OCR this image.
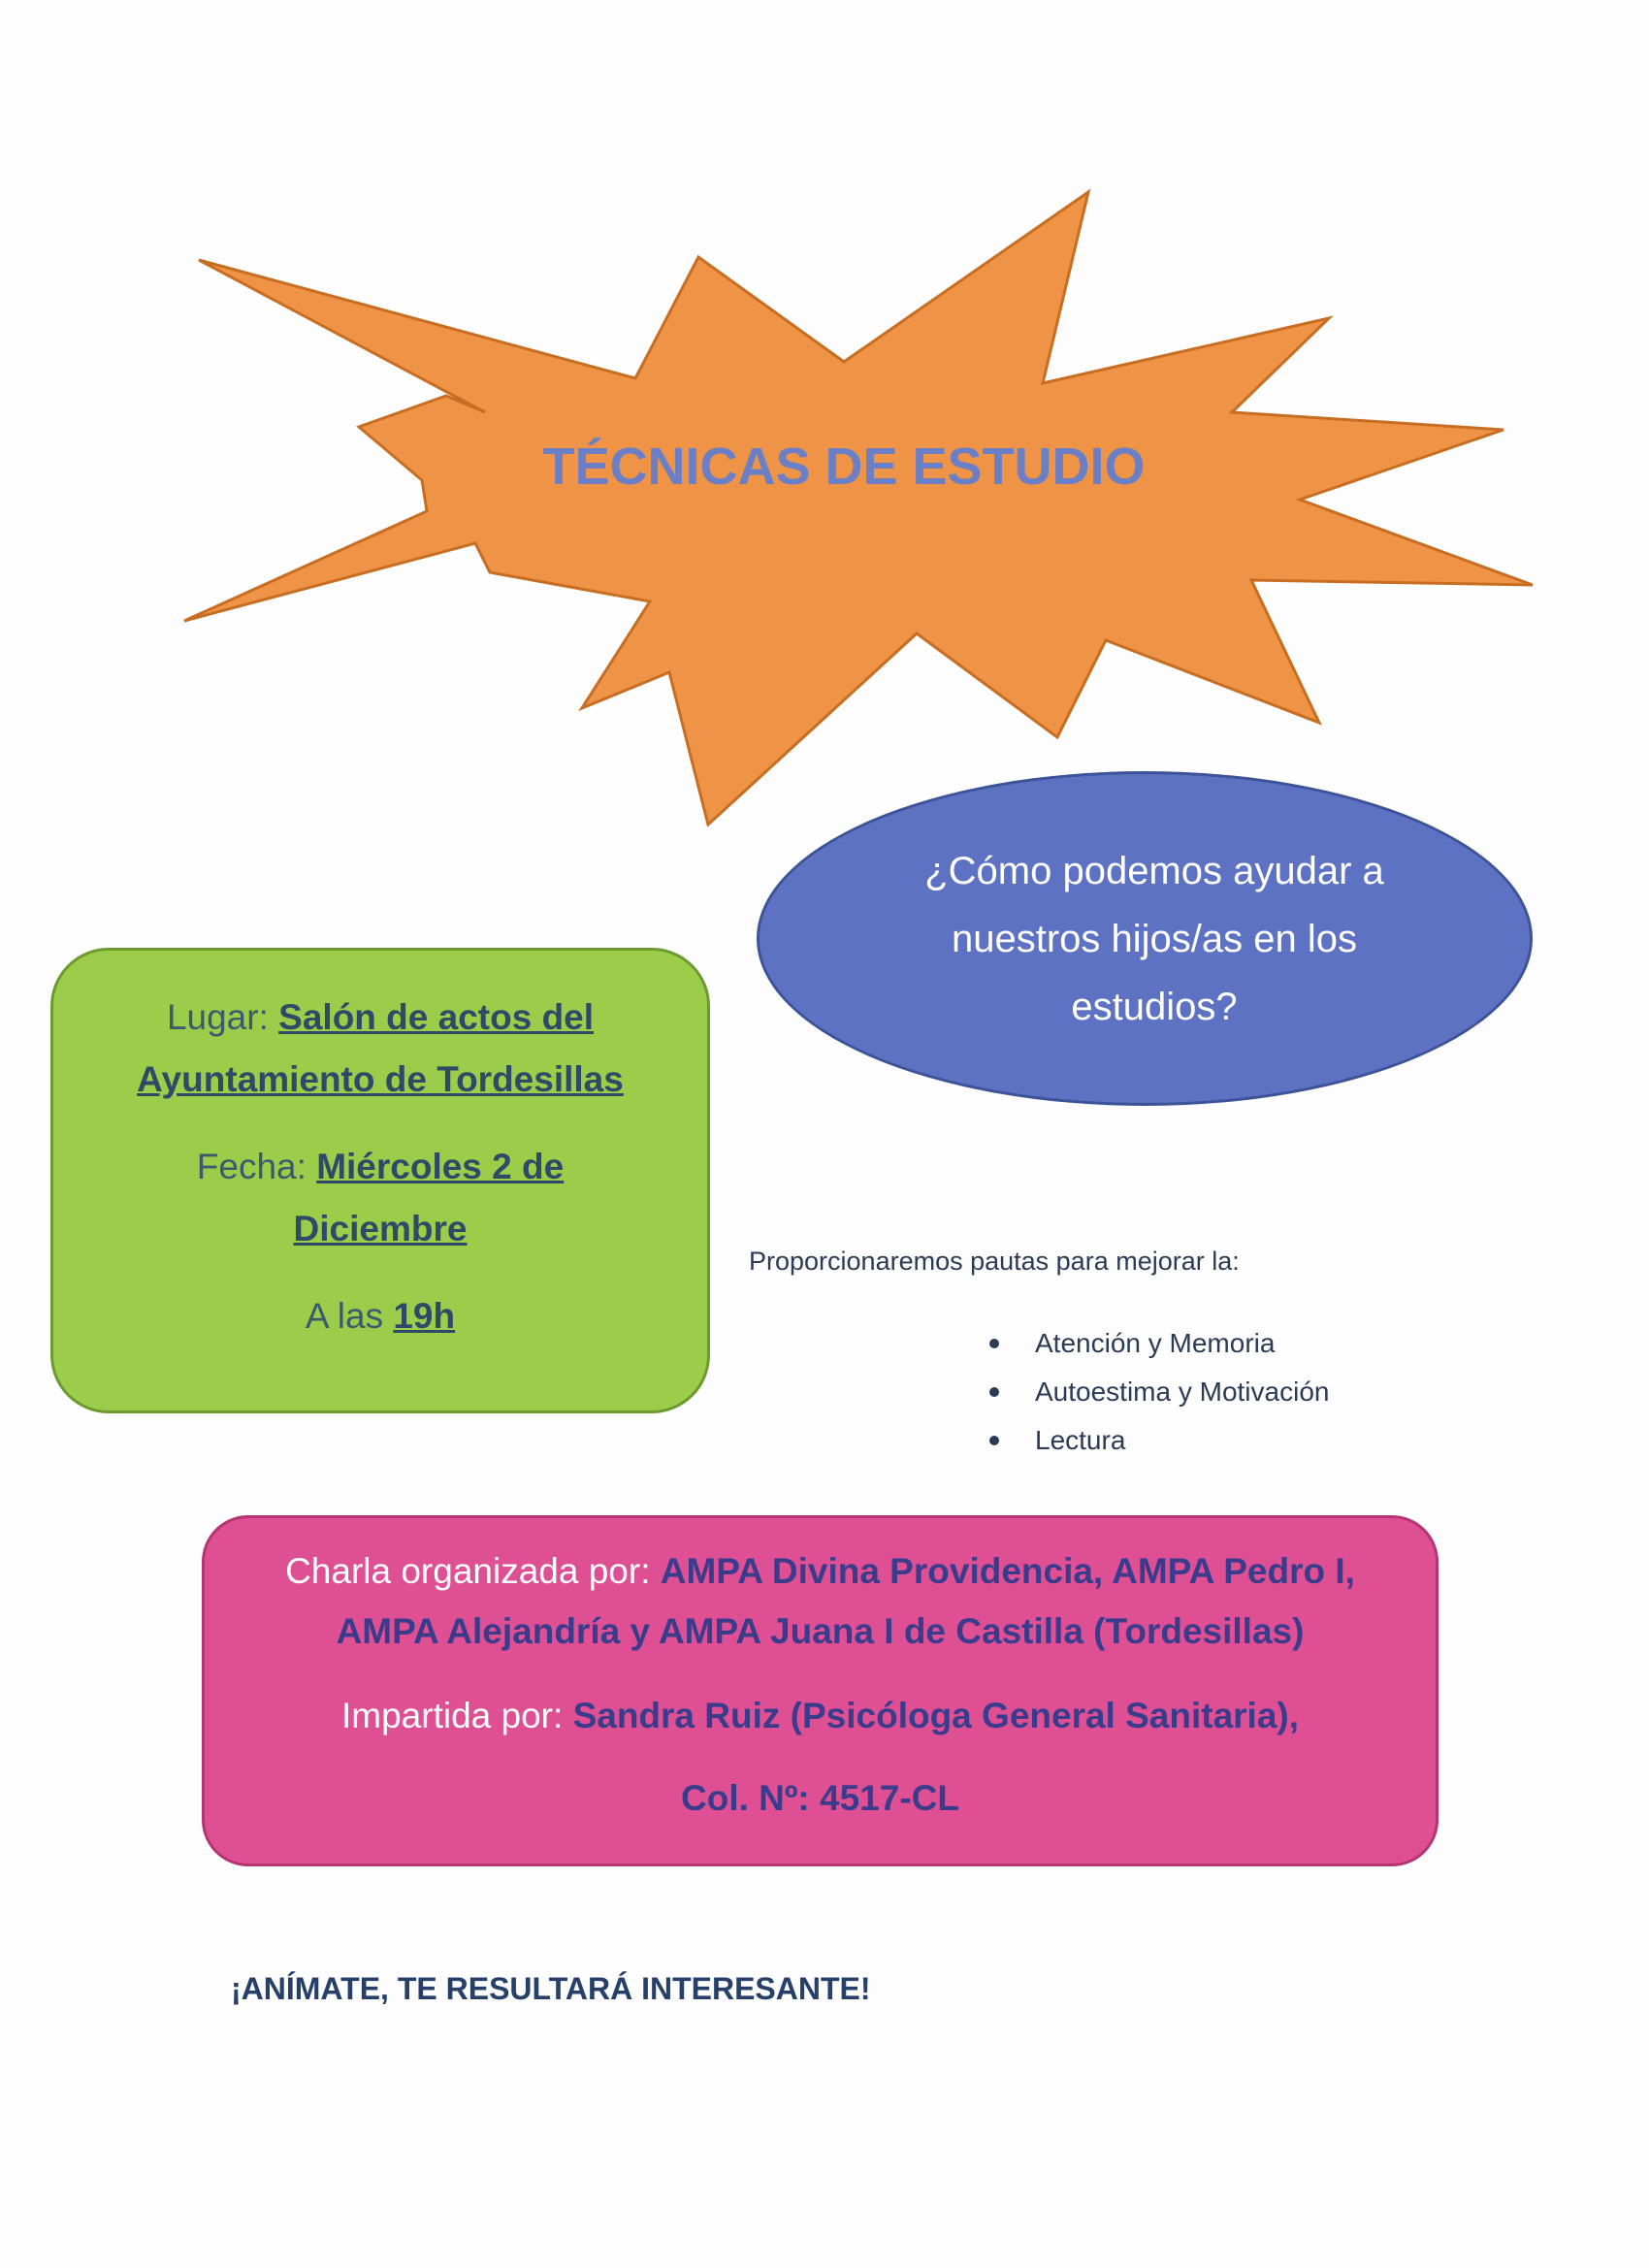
TÉCNICAS DE ESTUDIO

¿Cómo podemos ayudar a nuestros hijos/as en los estudios?

Lugar: Salón de actos del

Ayuntamiento de Tordesillas

Fecha: Miércoles 2 de

Diciembre

A las 19h

Proporcionaremos pautas para mejorar la:

Atención y Memoria
Autoestima y Motivación
Lectura

Charla organizada por: AMPA Divina Providencia, AMPA Pedro I,

AMPA Alejandría y AMPA Juana I de Castilla (Tordesillas)

Impartida por: Sandra Ruiz (Psicóloga General Sanitaria),

Col. Nº: 4517-CL

¡ANÍMATE, TE RESULTARÁ INTERESANTE!
